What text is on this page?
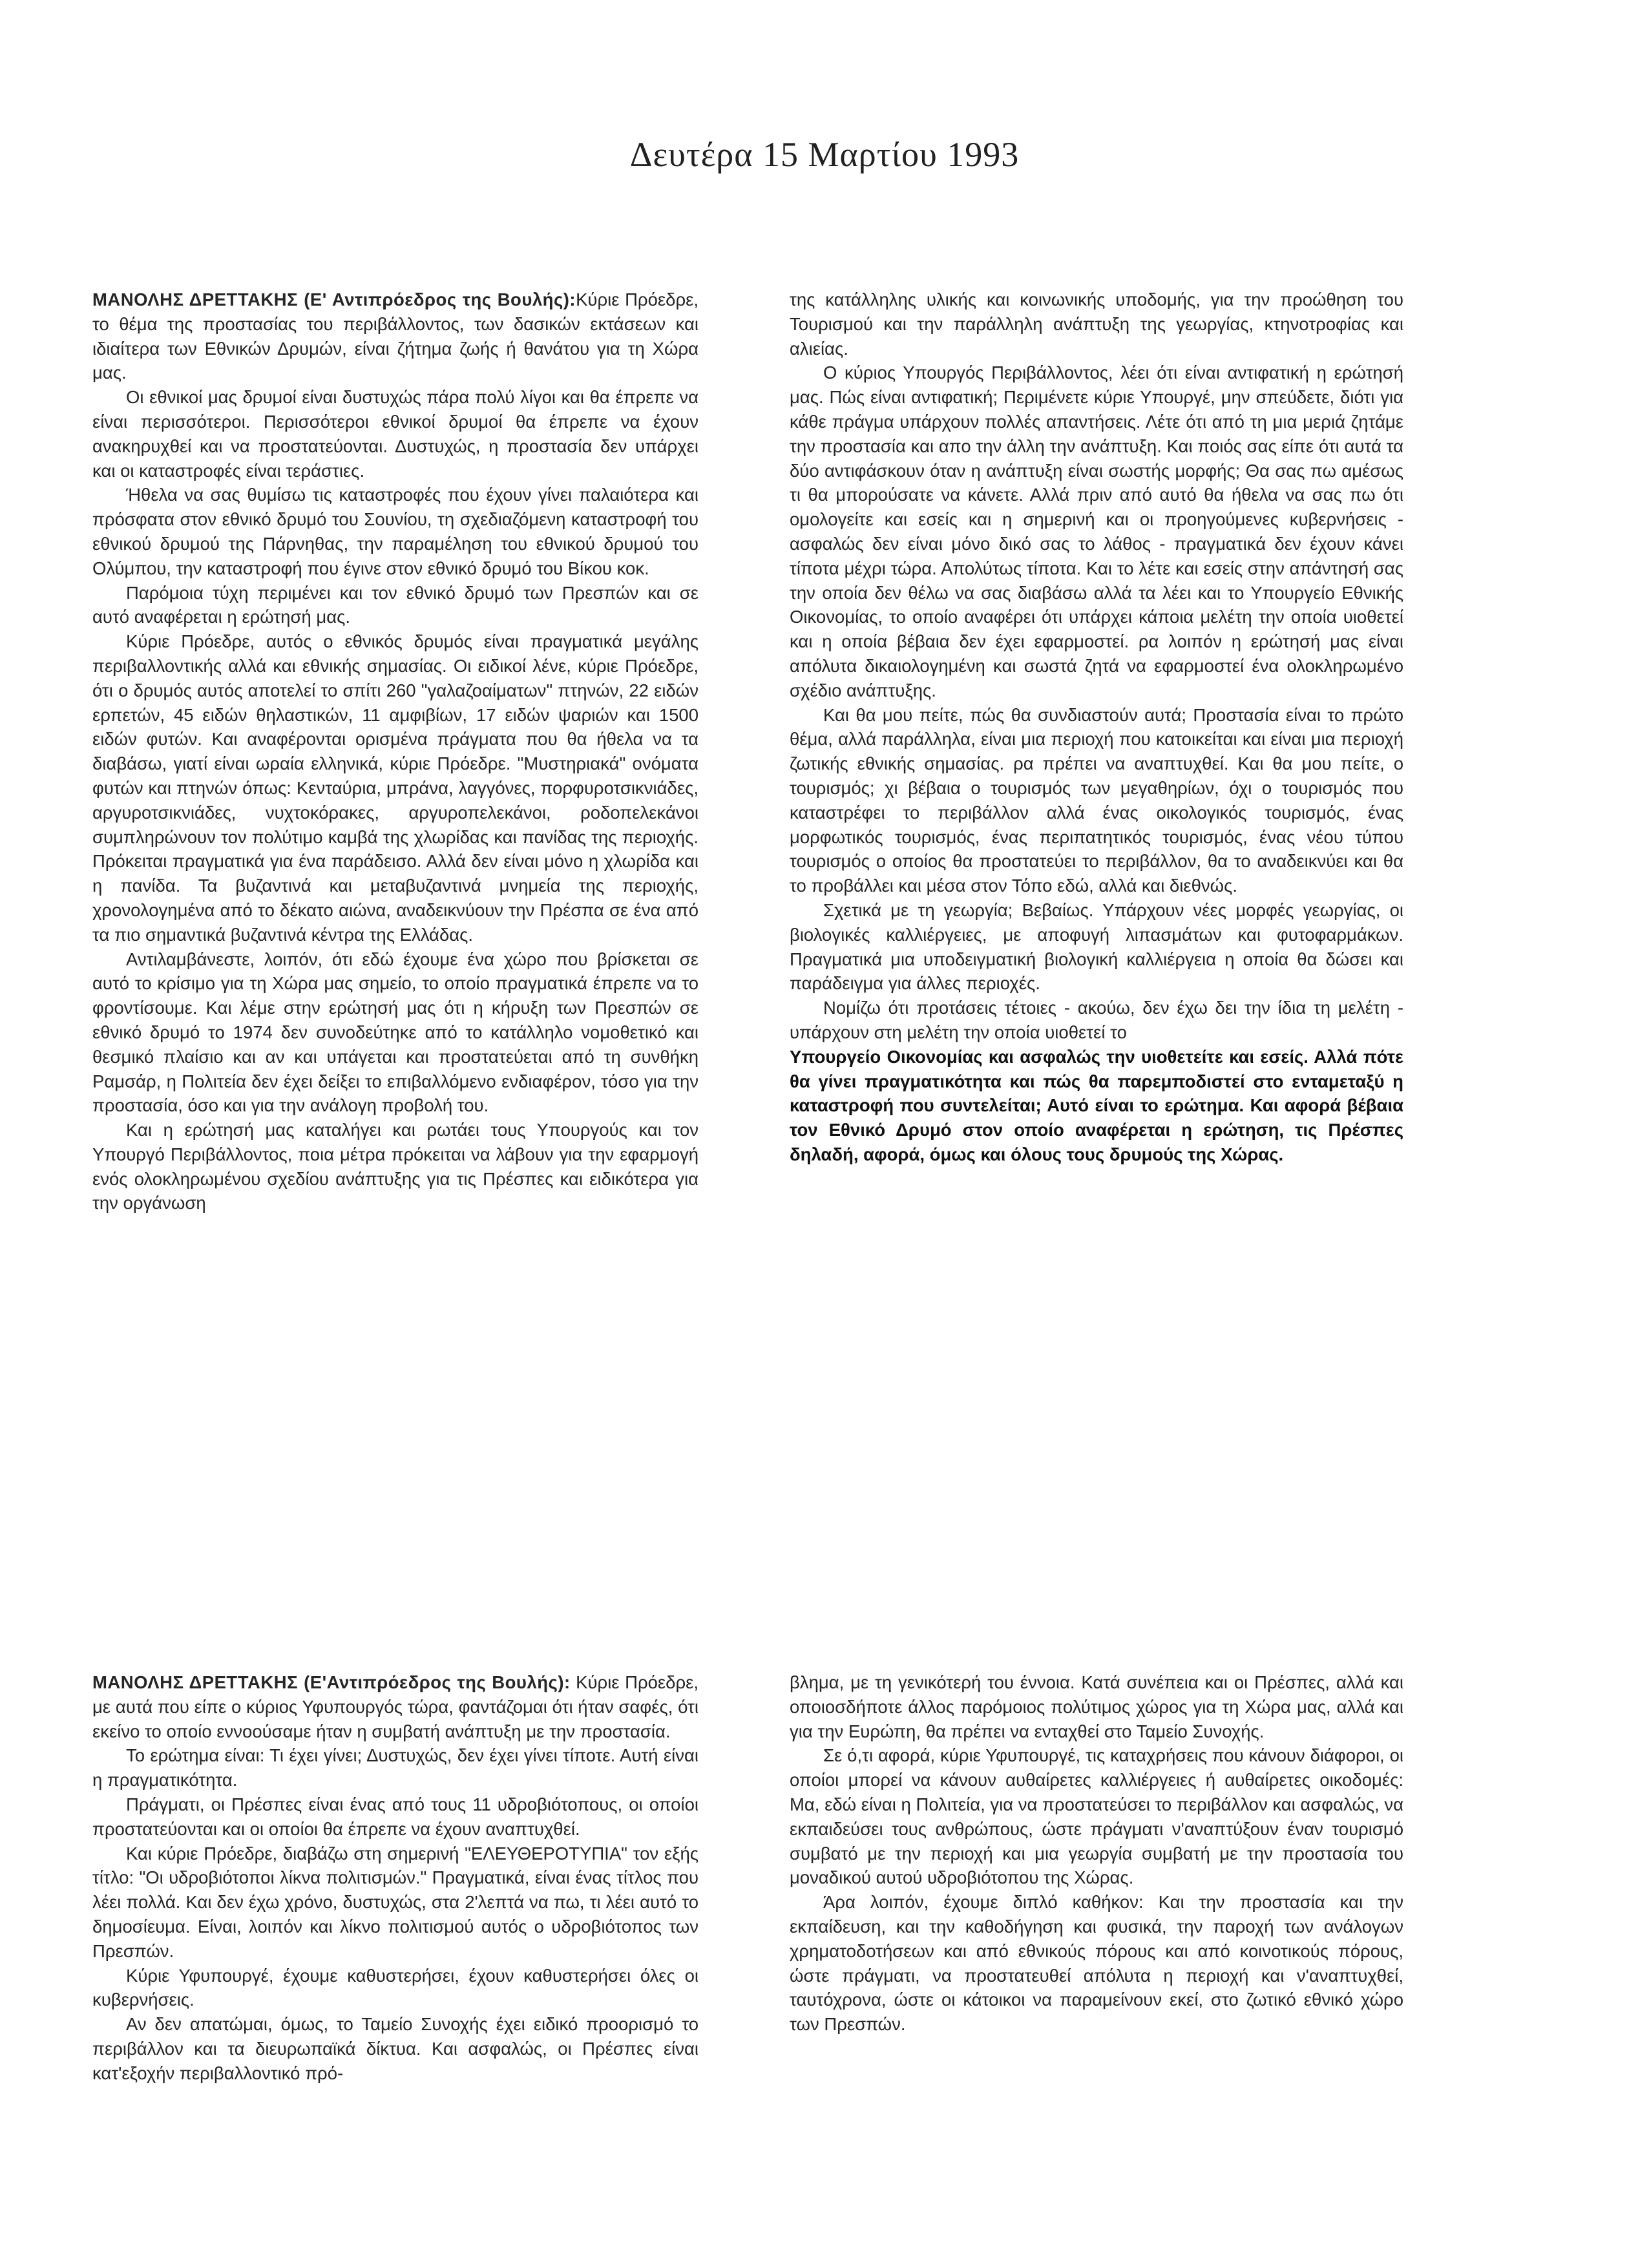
Δευτέρα 15 Μαρτίου 1993

ΜΑΝΟΛΗΣ ΔΡΕΤΤΑΚΗΣ (Ε' Αντιπρόεδρος της Βουλής):Κύριε Πρόεδρε, το θέμα της προστασίας του περιβάλλοντος, των δασικών εκτάσεων και ιδιαίτερα των Εθνικών Δρυμών, είναι ζήτημα ζωής ή θανάτου για τη Χώρα μας.

Οι εθνικοί μας δρυμοί είναι δυστυχώς πάρα πολύ λίγοι και θα έπρεπε να είναι περισσότεροι. Περισσότεροι εθνικοί δρυμοί θα έπρεπε να έχουν ανακηρυχθεί και να προστατεύονται. Δυστυχώς, η προστασία δεν υπάρχει και οι καταστροφές είναι τεράστιες.

Ήθελα να σας θυμίσω τις καταστροφές που έχουν γίνει παλαιότερα και πρόσφατα στον εθνικό δρυμό του Σουνίου, τη σχεδιαζόμενη καταστροφή του εθνικού δρυμού της Πάρνηθας, την παραμέληση του εθνικού δρυμού του Ολύμπου, την καταστροφή που έγινε στον εθνικό δρυμό του Βίκου κοκ.

Παρόμοια τύχη περιμένει και τον εθνικό δρυμό των Πρεσπών και σε αυτό αναφέρεται η ερώτησή μας.

Κύριε Πρόεδρε, αυτός ο εθνικός δρυμός είναι πραγματικά μεγάλης περιβαλλοντικής αλλά και εθνικής σημασίας. Οι ειδικοί λένε, κύριε Πρόεδρε, ότι ο δρυμός αυτός αποτελεί το σπίτι 260 "γαλαζοαίματων" πτηνών, 22 ειδών ερπετών, 45 ειδών θηλαστικών, 11 αμφιβίων, 17 ειδών ψαριών και 1500 ειδών φυτών. Και αναφέρονται ορισμένα πράγματα που θα ήθελα να τα διαβάσω, γιατί είναι ωραία ελληνικά, κύριε Πρόεδρε. "Μυστηριακά" ονόματα φυτών και πτηνών όπως: Κενταύρια, μπράνα, λαγγόνες, πορφυροτσικνιάδες, αργυροτσικνιάδες, νυχτοκόρακες, αργυροπελεκάνοι, ροδοπελεκάνοι συμπληρώνουν τον πολύτιμο καμβά της χλωρίδας και πανίδας της περιοχής. Πρόκειται πραγματικά για ένα παράδεισο. Αλλά δεν είναι μόνο η χλωρίδα και η πανίδα. Τα βυζαντινά και μεταβυζαντινά μνημεία της περιοχής, χρονολογημένα από το δέκατο αιώνα, αναδεικνύουν την Πρέσπα σε ένα από τα πιο σημαντικά βυζαντινά κέντρα της Ελλάδας.

Αντιλαμβάνεστε, λοιπόν, ότι εδώ έχουμε ένα χώρο που βρίσκεται σε αυτό το κρίσιμο για τη Χώρα μας σημείο, το οποίο πραγματικά έπρεπε να το φροντίσουμε. Και λέμε στην ερώτησή μας ότι η κήρυξη των Πρεσπών σε εθνικό δρυμό το 1974 δεν συνοδεύτηκε από το κατάλληλο νομοθετικό και θεσμικό πλαίσιο και αν και υπάγεται και προστατεύεται από τη συνθήκη Ραμσάρ, η Πολιτεία δεν έχει δείξει το επιβαλλόμενο ενδιαφέρον, τόσο για την προστασία, όσο και για την ανάλογη προβολή του.

Και η ερώτησή μας καταλήγει και ρωτάει τους Υπουργούς και τον Υπουργό Περιβάλλοντος, ποια μέτρα πρόκειται να λάβουν για την εφαρμογή ενός ολοκληρωμένου σχεδίου ανάπτυξης για τις Πρέσπες και ειδικότερα για την οργάνωση

της κατάλληλης υλικής και κοινωνικής υποδομής, για την προώθηση του Τουρισμού και την παράλληλη ανάπτυξη της γεωργίας, κτηνοτροφίας και αλιείας.

Ο κύριος Υπουργός Περιβάλλοντος, λέει ότι είναι αντιφατική η ερώτησή μας. Πώς είναι αντιφατική; Περιμένετε κύριε Υπουργέ, μην σπεύδετε, διότι για κάθε πράγμα υπάρχουν πολλές απαντήσεις. Λέτε ότι από τη μια μεριά ζητάμε την προστασία και απο την άλλη την ανάπτυξη. Και ποιός σας είπε ότι αυτά τα δύο αντιφάσκουν όταν η ανάπτυξη είναι σωστής μορφής; Θα σας πω αμέσως τι θα μπορούσατε να κάνετε. Αλλά πριν από αυτό θα ήθελα να σας πω ότι ομολογείτε και εσείς και η σημερινή και οι προηγούμενες κυβερνήσεις - ασφαλώς δεν είναι μόνο δικό σας το λάθος - πραγματικά δεν έχουν κάνει τίποτα μέχρι τώρα. Απολύτως τίποτα. Και το λέτε και εσείς στην απάντησή σας την οποία δεν θέλω να σας διαβάσω αλλά τα λέει και το Υπουργείο Εθνικής Οικονομίας, το οποίο αναφέρει ότι υπάρχει κάποια μελέτη την οποία υιοθετεί και η οποία βέβαια δεν έχει εφαρμοστεί. ρα λοιπόν η ερώτησή μας είναι απόλυτα δικαιολογημένη και σωστά ζητά να εφαρμοστεί ένα ολοκληρωμένο σχέδιο ανάπτυξης.

Και θα μου πείτε, πώς θα συνδιαστούν αυτά; Προστασία είναι το πρώτο θέμα, αλλά παράλληλα, είναι μια περιοχή που κατοικείται και είναι μια περιοχή ζωτικής εθνικής σημασίας. ρα πρέπει να αναπτυχθεί. Και θα μου πείτε, ο τουρισμός; χι βέβαια ο τουρισμός των μεγαθηρίων, όχι ο τουρισμός που καταστρέφει το περιβάλλον αλλά ένας οικολογικός τουρισμός, ένας μορφωτικός τουρισμός, ένας περιπατητικός τουρισμός, ένας νέου τύπου τουρισμός ο οποίος θα προστατεύει το περιβάλλον, θα το αναδεικνύει και θα το προβάλλει και μέσα στον Τόπο εδώ, αλλά και διεθνώς.

Σχετικά με τη γεωργία; Βεβαίως. Υπάρχουν νέες μορφές γεωργίας, οι βιολογικές καλλιέργειες, με αποφυγή λιπασμάτων και φυτοφαρμάκων. Πραγματικά μια υποδειγματική βιολογική καλλιέργεια η οποία θα δώσει και παράδειγμα για άλλες περιοχές.

Νομίζω ότι προτάσεις τέτοιες - ακούω, δεν έχω δει την ίδια τη μελέτη - υπάρχουν στη μελέτη την οποία υιοθετεί το

Υπουργείο Οικονομίας και ασφαλώς την υιοθετείτε και εσείς. Αλλά πότε θα γίνει πραγματικότητα και πώς θα παρεμποδιστεί στο ενταμεταξύ η καταστροφή που συντελείται; Αυτό είναι το ερώτημα. Και αφορά βέβαια τον Εθνικό Δρυμό στον οποίο αναφέρεται η ερώτηση, τις Πρέσπες δηλαδή, αφορά, όμως και όλους τους δρυμούς της Χώρας.

ΜΑΝΟΛΗΣ ΔΡΕΤΤΑΚΗΣ (Ε'Αντιπρόεδρος της Βουλής): Κύριε Πρόεδρε, με αυτά που είπε ο κύριος Υφυπουργός τώρα, φαντάζομαι ότι ήταν σαφές, ότι εκείνο το οποίο εννοούσαμε ήταν η συμβατή ανάπτυξη με την προστασία.

Το ερώτημα είναι: Τι έχει γίνει; Δυστυχώς, δεν έχει γίνει τίποτε. Αυτή είναι η πραγματικότητα.

Πράγματι, οι Πρέσπες είναι ένας από τους 11 υδροβιότοπους, οι οποίοι προστατεύονται και οι οποίοι θα έπρεπε να έχουν αναπτυχθεί.

Και κύριε Πρόεδρε, διαβάζω στη σημερινή "ΕΛΕΥΘΕΡΟΤΥΠΙΑ" τον εξής τίτλο: "Οι υδροβιότοποι λίκνα πολιτισμών." Πραγματικά, είναι ένας τίτλος που λέει πολλά. Και δεν έχω χρόνο, δυστυχώς, στα 2'λεπτά να πω, τι λέει αυτό το δημοσίευμα. Είναι, λοιπόν και λίκνο πολιτισμού αυτός ο υδροβιότοπος των Πρεσπών.

Κύριε Υφυπουργέ, έχουμε καθυστερήσει, έχουν καθυστερήσει όλες οι κυβερνήσεις.

Αν δεν απατώμαι, όμως, το Ταμείο Συνοχής έχει ειδικό προορισμό το περιβάλλον και τα διευρωπαϊκά δίκτυα. Και ασφαλώς, οι Πρέσπες είναι κατ'εξοχήν περιβαλλοντικό πρό-

βλημα, με τη γενικότερή του έννοια. Κατά συνέπεια και οι Πρέσπες, αλλά και οποιοσδήποτε άλλος παρόμοιος πολύτιμος χώρος για τη Χώρα μας, αλλά και για την Ευρώπη, θα πρέπει να ενταχθεί στο Ταμείο Συνοχής.

Σε ό,τι αφορά, κύριε Υφυπουργέ, τις καταχρήσεις που κάνουν διάφοροι, οι οποίοι μπορεί να κάνουν αυθαίρετες καλλιέργειες ή αυθαίρετες οικοδομές: Μα, εδώ είναι η Πολιτεία, για να προστατεύσει το περιβάλλον και ασφαλώς, να εκπαιδεύσει τους ανθρώπους, ώστε πράγματι ν'αναπτύξουν έναν τουρισμό συμβατό με την περιοχή και μια γεωργία συμβατή με την προστασία του μοναδικού αυτού υδροβιότοπου της Χώρας.

Άρα λοιπόν, έχουμε διπλό καθήκον: Και την προστασία και την εκπαίδευση, και την καθοδήγηση και φυσικά, την παροχή των ανάλογων χρηματοδοτήσεων και από εθνικούς πόρους και από κοινοτικούς πόρους, ώστε πράγματι, να προστατευθεί απόλυτα η περιοχή και ν'αναπτυχθεί, ταυτόχρονα, ώστε οι κάτοικοι να παραμείνουν εκεί, στο ζωτικό εθνικό χώρο των Πρεσπών.
